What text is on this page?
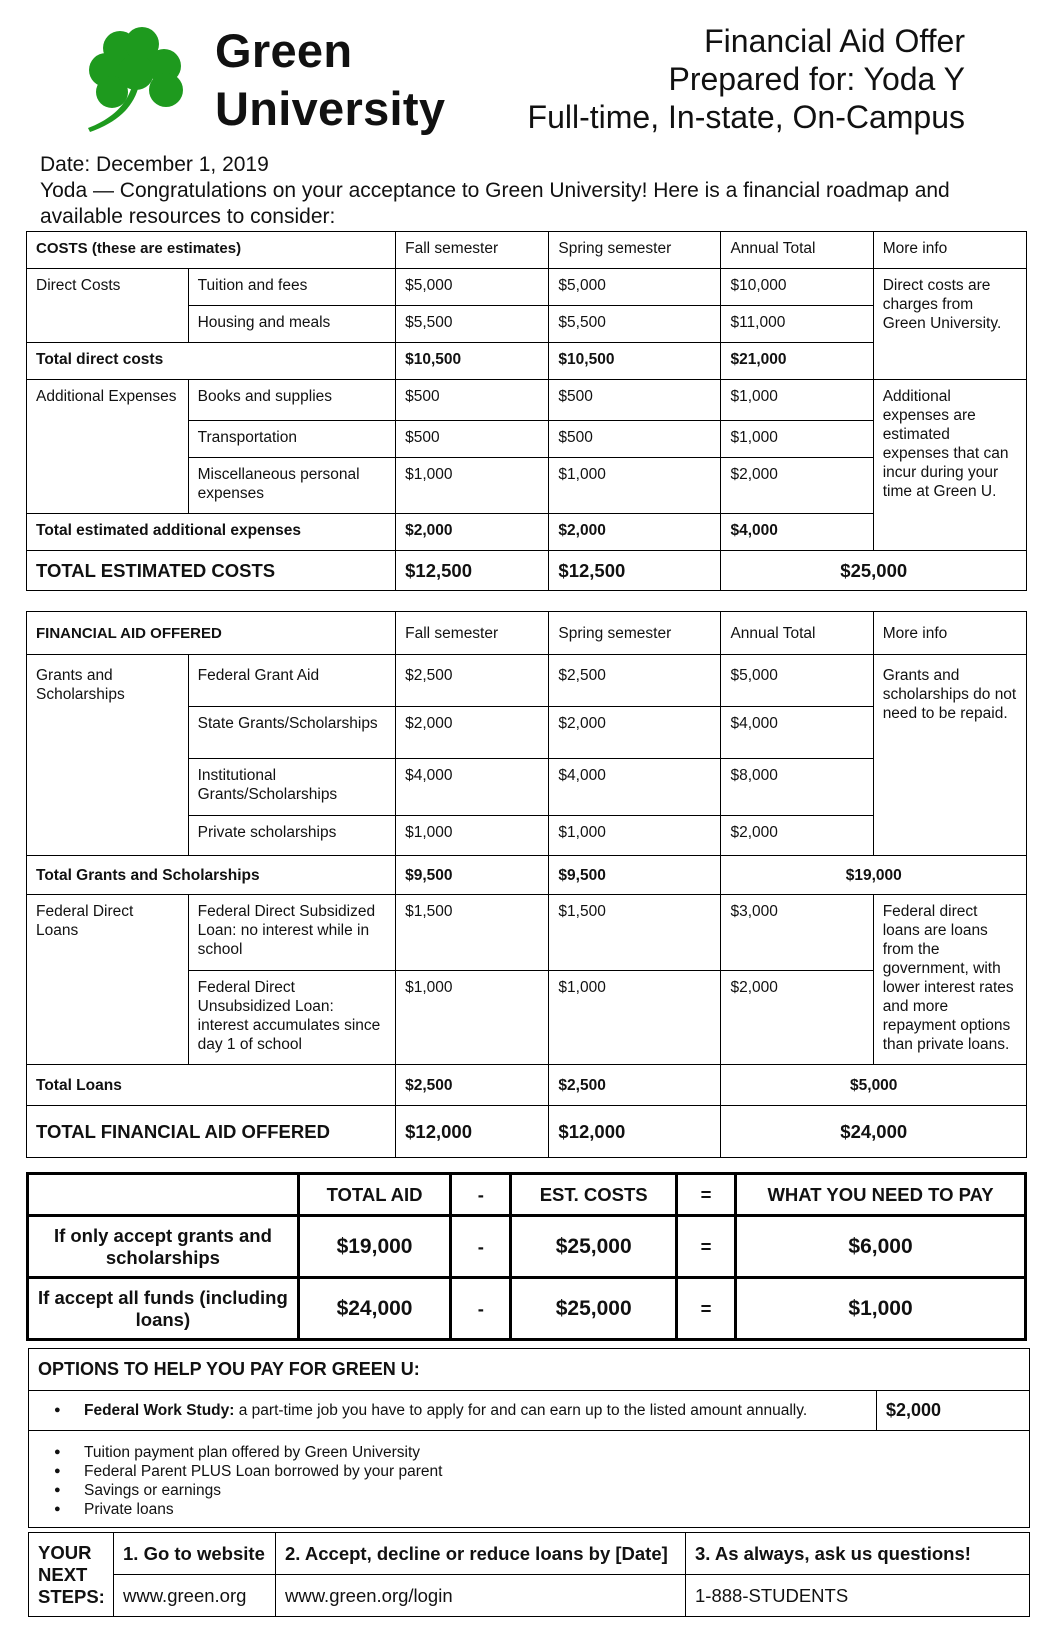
Green
University
Financial Aid Offer
Prepared for: Yoda Y
Full-time, In-state, On-Campus
Date: December 1, 2019
Yoda — Congratulations on your acceptance to Green University! Here is a financial roadmap and available resources to consider:
COSTS (these are estimates)		Fall semester	Spring semester	Annual Total	More info
Direct Costs	Tuition and fees	$5,000	$5,000	$10,000	Direct costs are charges from Green University.
	Housing and meals	$5,500	$5,500	$11,000	
Total direct costs		$10,500	$10,500	$21,000	
Additional Expenses	Books and supplies	$500	$500	$1,000	Additional expenses are estimated expenses that can incur during your time at Green U.
	Transportation	$500	$500	$1,000	
	Miscellaneous personal expenses	$1,000	$1,000	$2,000	
Total estimated additional expenses		$2,000	$2,000	$4,000	
TOTAL ESTIMATED COSTS		$12,500	$12,500	$25,000	
FINANCIAL AID OFFERED		Fall semester	Spring semester	Annual Total	More info
Grants and Scholarships	Federal Grant Aid	$2,500	$2,500	$5,000	Grants and scholarships do not need to be repaid.
	State Grants/Scholarships	$2,000	$2,000	$4,000	
	Institutional Grants/Scholarships	$4,000	$4,000	$8,000	
	Private scholarships	$1,000	$1,000	$2,000	
Total Grants and Scholarships		$9,500	$9,500	$19,000	
Federal Direct Loans	Federal Direct Subsidized Loan: no interest while in school	$1,500	$1,500	$3,000	Federal direct loans are loans from the government, with lower interest rates and more repayment options than private loans.
	Federal Direct Unsubsidized Loan: interest accumulates since day 1 of school	$1,000	$1,000	$2,000	
Total Loans		$2,500	$2,500	$5,000	
TOTAL FINANCIAL AID OFFERED		$12,000	$12,000	$24,000	
	TOTAL AID	-	EST. COSTS	=	WHAT YOU NEED TO PAY
If only accept grants and scholarships	$19,000	-	$25,000	=	$6,000
If accept all funds (including loans)	$24,000	-	$25,000	=	$1,000
OPTIONS TO HELP YOU PAY FOR GREEN U:

● Federal Work Study: a part-time job you have to apply for and can earn up to the listed amount annually.	$2,000

● Tuition payment plan offered by Green University
● Federal Parent PLUS Loan borrowed by your parent
● Savings or earnings
● Private loans
YOUR NEXT STEPS:	1. Go to website	2. Accept, decline or reduce loans by [Date]	3. As always, ask us questions!
	www.green.org	www.green.org/login	1-888-STUDENTS
